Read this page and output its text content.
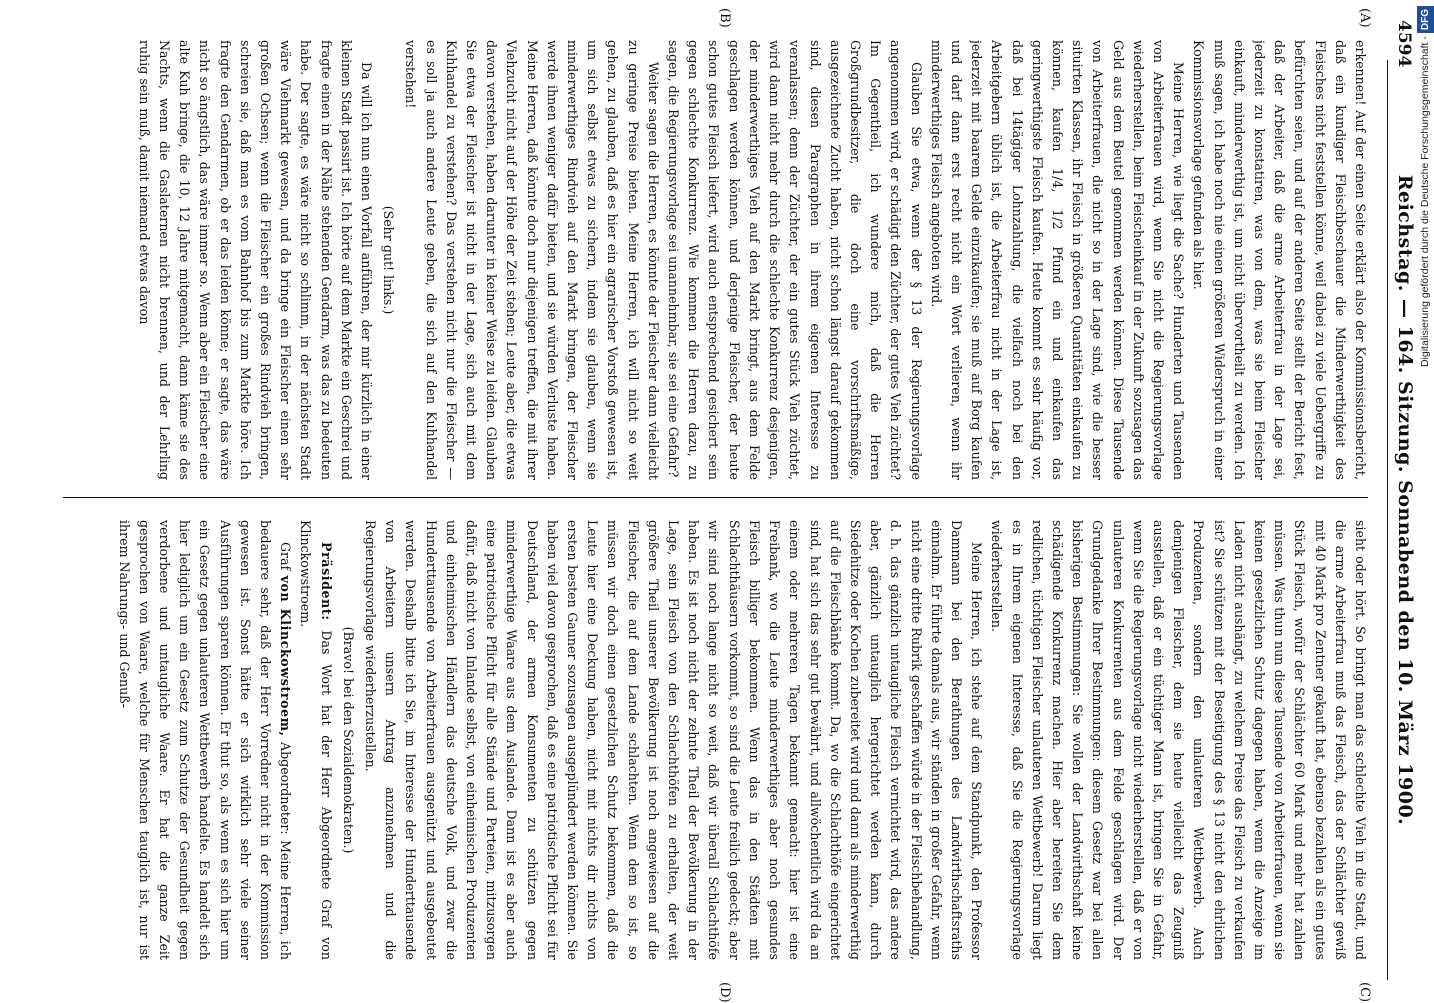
4594
Reichstag. — 164. Sitzung. Sonnabend den 10. März 1900.
(A)
(B)
(C)
(D)

erkennen! Auf der einen Seite erklärt also der Kommissionsbericht, daß ein kundiger Fleischbeschauer die Minderwerthigkeit des Fleisches nicht feststellen könne, weil dabei zu viele Uebergriffe zu befürchten seien, und auf der anderen Seite stellt der Bericht fest, daß der Arbeiter, daß die arme Arbeiterfrau in der Lage sei, jederzeit zu konstatiren, was von dem, was sie beim Fleischer einkauft, minderwerthig ist, um nicht übervortheilt zu werden. Ich muß sagen, ich habe noch nie einen größeren Widerspruch in einer Kommissionsvorlage gefunden als hier.

Meine Herren, wie liegt die Sache? Hunderten und Tausenden von Arbeiterfrauen wird, wenn Sie nicht die Regierungsvorlage wiederherstellen, beim Fleischeinkauf in der Zukunft sozusagen das Geld aus dem Beutel genommen werden können. Diese Tausende von Arbeiterfrauen, die nicht so in der Lage sind, wie die besser situirten Klassen, ihr Fleisch in größeren Quantitäten einkaufen zu können, kaufen 1/4, 1/2 Pfund ein und einkaufen das geringwerthigste Fleisch kaufen. Heute kommt es sehr häufig vor, daß bei 14tägiger Lohnzahlung, die vielfach noch bei den Arbeitgebern üblich ist, die Arbeiterfrau nicht in der Lage ist, jederzeit mit baarem Gelde einzukaufen; sie muß auf Borg kaufen und darf dann erst recht nicht ein Wort verlieren, wenn ihr minderwerthiges Fleisch angeboten wird.

Glauben Sie etwa, wenn der § 13 der Regierungsvorlage angenommen wird, er schädigt den Züchter, der gutes Vieh züchtet? Im Gegentheil, ich wundere mich, daß die Herren Großgrundbesitzer, die doch eine vorschriftsmäßige, ausgezeichnete Zucht haben, nicht schon längst darauf gekommen sind, diesen Paragraphen in ihrem eigenen Interesse zu veranlassen; denn der Züchter, der ein gutes Stück Vieh züchtet, wird dann nicht mehr durch die schlechte Konkurrenz desjenigen, der minderwerthiges Vieh auf den Markt bringt, aus dem Felde geschlagen werden können, und derjenige Fleischer, der heute schon gutes Fleisch liefert, wird auch entsprechend gesichert sein gegen schlechte Konkurrenz. Wie kommen die Herren dazu, zu sagen, die Regierungsvorlage sei unannehmbar, sie sei eine Gefahr?

Weiter sagen die Herren, es könnte der Fleischer dann vielleicht zu geringe Preise bieten. Meine Herren, ich will nicht so weit gehen, zu glauben, daß es hier ein agrarischer Vorstoß gewesen ist, um sich selbst etwas zu sichern, indem sie glauben, wenn sie minderwerthiges Rindvieh auf den Markt bringen, der Fleischer werde ihnen weniger dafür bieten, und sie würden Verluste haben. Meine Herren, daß könnte doch nur diejenigen treffen, die mit ihrer Viehzucht nicht auf der Höhe der Zeit stehen; Leute aber, die etwas davon verstehen, haben darunter in keiner Weise zu leiden. Glauben Sie etwa der Fleischer ist nicht in der Lage, sich auch mit dem Kuhhandel zu verstehen? Das verstehen nicht nur die Fleischer — es soll ja auch andere Leute geben, die sich auf den Kuhhandel verstehen!

(Sehr gut! links.)

Da will ich nun einen Vorfall anführen, der mir kürzlich in einer kleinen Stadt passirt ist. Ich hörte auf dem Markte ein Geschrei und fragte einen in der Nähe stehenden Gendarm, was das zu bedeuten habe. Der sagte, es wäre nicht so schlimm, in der nächsten Stadt wäre Viehmarkt gewesen, und da bringe ein Fleischer einen sehr großen Ochsen; wenn die Fleischer ein großes Rindvieh bringen, schreien sie, daß man es vom Bahnhof bis zum Markte höre. Ich fragte den Gendarmen, ob er das leiden könne; er sagte, das wäre nicht so ängstlich, das wäre immer so. Wenn aber ein Fleischer eine alte Kuh bringe, die 10, 12 Jahre mitgemacht, dann käme sie des Nachts, wenn die Gaslaternen nicht brennen, und der Lehrling ruhig sein muß, damit niemand etwas davon

sieht oder hört. So bringt man das schlechte Vieh in die Stadt, und die arme Arbeiterfrau muß das Fleisch, das der Schlächter gewiß mit 40 Mark pro Zentner gekauft hat, ebenso bezahlen als ein gutes Stück Fleisch, wofür der Schlächter 60 Mark und mehr hat zahlen müssen. Was thun nun diese Tausende von Arbeiterfrauen, wenn sie keinen gesetzlichen Schutz dagegen haben, wenn die Anzeige im Laden nicht aushängt, zu welchem Preise das Fleisch zu verkaufen ist? Sie schützen mit der Beseitigung des § 13 nicht den ehrlichen Produzenten, sondern den unlauteren Wettbewerb. Auch demjenigen Fleischer, dem sie heute vielleicht das Zeugniß ausstellen, daß er ein tüchtiger Mann ist, bringen Sie in Gefahr, wenn Sie die Regierungsvorlage nicht wiederherstellen, daß er von unlauteren Konkurrenten aus dem Felde geschlagen wird. Der Grundgedanke Ihrer Bestimmungen: diesem Gesetz war bei allen bisherigen Bestimmungen: Sie wollen der Landwirthschaft keine schädigende Konkurrenz machen. Hier aber bereiten Sie dem redlichen, tüchtigen Fleischer unlauteren Wettbewerb! Darum liegt es in Ihrem eigenen Interesse, daß Sie die Regierungsvorlage wiederherstellen.

Meine Herren, ich stehe auf dem Standpunkt, den Professor Dammann bei den Berathungen des Landwirthschaftsraths einnahm. Er führte damals aus, wir ständen in großer Gefahr, wenn nicht eine dritte Rubrik geschaffen würde in der Fleischbehandlung, d. h. das gänzlich untaugliche Fleisch vernichtet wird, das andere aber, gänzlich untauglich hergerichtet werden kann, durch Siedehitze oder Kochen zubereitet wird und dann als minderwerthig auf die Fleischbänke kommt. Da, wo die Schlachthöfe eingerichtet sind, hat sich das sehr gut bewährt, und allwöchentlich wird da an einem oder mehreren Tagen bekannt gemacht: hier ist eine Freibank, wo die Leute minderwerthiges aber noch gesundes Fleisch billiger bekommen. Wenn das in den Städten mit Schlachthäusern vorkommt, so sind die Leute freilich gedeckt; aber wir sind noch lange nicht so weit, daß wir überall Schlachthöfe haben. Es ist noch nicht der zehnte Theil der Bevölkerung in der Lage, sein Fleisch von den Schlachthöfen zu erhalten, der weit größere Theil unserer Bevölkerung ist noch angewiesen auf die Fleischer, die auf dem Lande schlachten. Wenn dem so ist, so müssen wir doch einen gesetzlichen Schutz bekommen, daß die Leute hier eine Deckung haben, nicht mit nichts dir nichts von ersten besten Gauner sozusagen ausgeplündert werden können. Sie haben viel davon gesprochen, daß es eine patriotische Pflicht sei für Deutschland, der armen Konsumenten zu schützen gegen minderwerthige Waare aus dem Auslande. Dann ist es aber auch eine patriotische Pflicht für alle Stände und Parteien, mitzusorgen dafür, daß nicht von Inlande selbst, von einheimischen Produzenten und einheimischen Händlern das deutsche Volk, und zwar die Hunderttausende von Arbeiterfrauen ausgenützt und ausgebeutet werden. Deshalb bitte ich Sie, im Interesse der Hunderttausende von Arbeitern unsern Antrag anzunehmen und die Regierungsvorlage wiederherzustellen.

(Bravo! bei den Sozialdemokraten.)

Präsident: Das Wort hat der Herr Abgeordnete Graf von Klinckowstroem.

Graf von Klinckowstroem, Abgeordneter: Meine Herren, ich bedauere sehr, daß der Herr Vorredner nicht in der Kommission gewesen ist. Sonst hätte er sich wirklich sehr viele seiner Ausführungen sparen können. Er thut so, als wenn es sich hier um ein Gesetz gegen unlauteren Wettbewerb handelte. Es handelt sich hier lediglich um ein Gesetz zum Schutze der Gesundheit gegen verdorbene und untaugliche Waare. Er hat die ganze Zeit gesprochen von Waare, welche für Menschen tauglich ist, nur ist ihrem Nahrungs- und Genuß-

Digitalisierung gefördert durch die Deutsche Forschungsgemeinschaft -DFG
